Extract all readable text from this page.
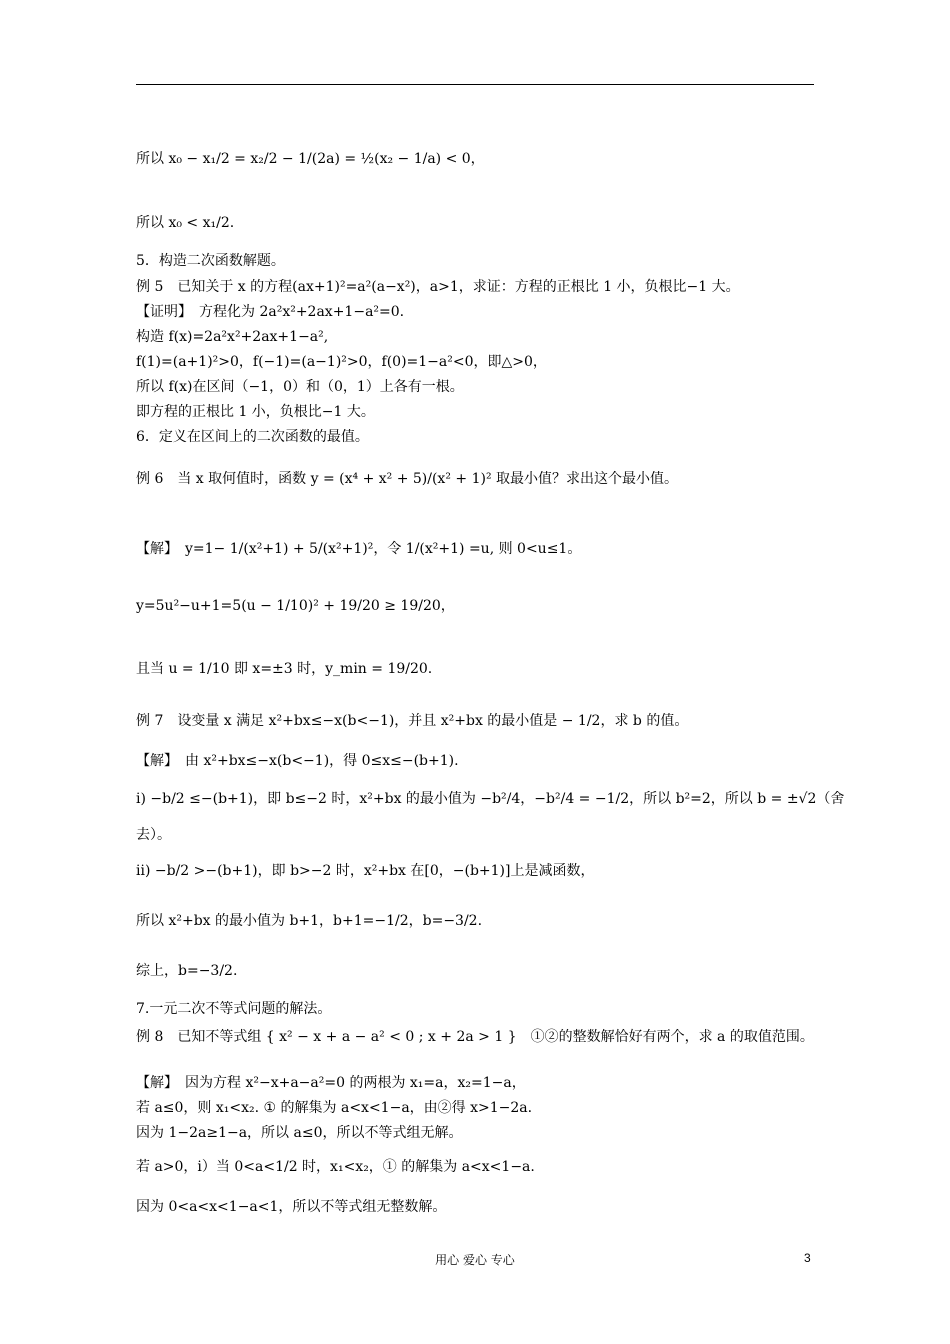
所以 x₀ − x₁/2 = x₂/2 − 1/(2a) = ½(x₂ − 1/a) < 0，
所以 x₀ < x₁/2.
5．构造二次函数解题。
例 5　已知关于 x 的方程(ax+1)²=a²(a−x²)，a>1，求证：方程的正根比 1 小，负根比−1 大。
【证明】　方程化为 2a²x²+2ax+1−a²=0.
构造 f(x)=2a²x²+2ax+1−a²,
f(1)=(a+1)²>0，f(−1)=(a−1)²>0，f(0)=1−a²<0，即△>0，
所以 f(x)在区间（−1，0）和（0，1）上各有一根。
即方程的正根比 1 小，负根比−1 大。
6．定义在区间上的二次函数的最值。
例 6　当 x 取何值时，函数 y = (x⁴ + x² + 5)/(x² + 1)² 取最小值？求出这个最小值。
【解】　y=1− 1/(x²+1) + 5/(x²+1)²，令 1/(x²+1) =u, 则 0<u≤1。
y=5u²−u+1=5(u − 1/10)² + 19/20 ≥ 19/20，
且当 u = 1/10 即 x=±3 时，y_min = 19/20.
例 7　设变量 x 满足 x²+bx≤−x(b<−1)，并且 x²+bx 的最小值是 − 1/2，求 b 的值。
【解】　由 x²+bx≤−x(b<−1)，得 0≤x≤−(b+1).
ⅰ) −b/2 ≤−(b+1)，即 b≤−2 时，x²+bx 的最小值为 −b²/4，−b²/4 = −1/2，所以 b²=2，所以 b = ±√2（舍
去）。
ⅱ) −b/2 >−(b+1)，即 b>−2 时，x²+bx 在[0，−(b+1)]上是减函数，
所以 x²+bx 的最小值为 b+1，b+1=−1/2，b=−3/2.
综上，b=−3/2.
7.一元二次不等式问题的解法。
例 8　已知不等式组 { x² − x + a − a² < 0 ; x + 2a > 1 }　①②的整数解恰好有两个，求 a 的取值范围。
【解】　因为方程 x²−x+a−a²=0 的两根为 x₁=a，x₂=1−a，
若 a≤0，则 x₁<x₂. ① 的解集为 a<x<1−a，由②得 x>1−2a.
因为 1−2a≥1−a，所以 a≤0，所以不等式组无解。
若 a>0，ⅰ）当 0<a<1/2 时，x₁<x₂，① 的解集为 a<x<1−a.
因为 0<a<x<1−a<1，所以不等式组无整数解。
用心 爱心 专心	3
